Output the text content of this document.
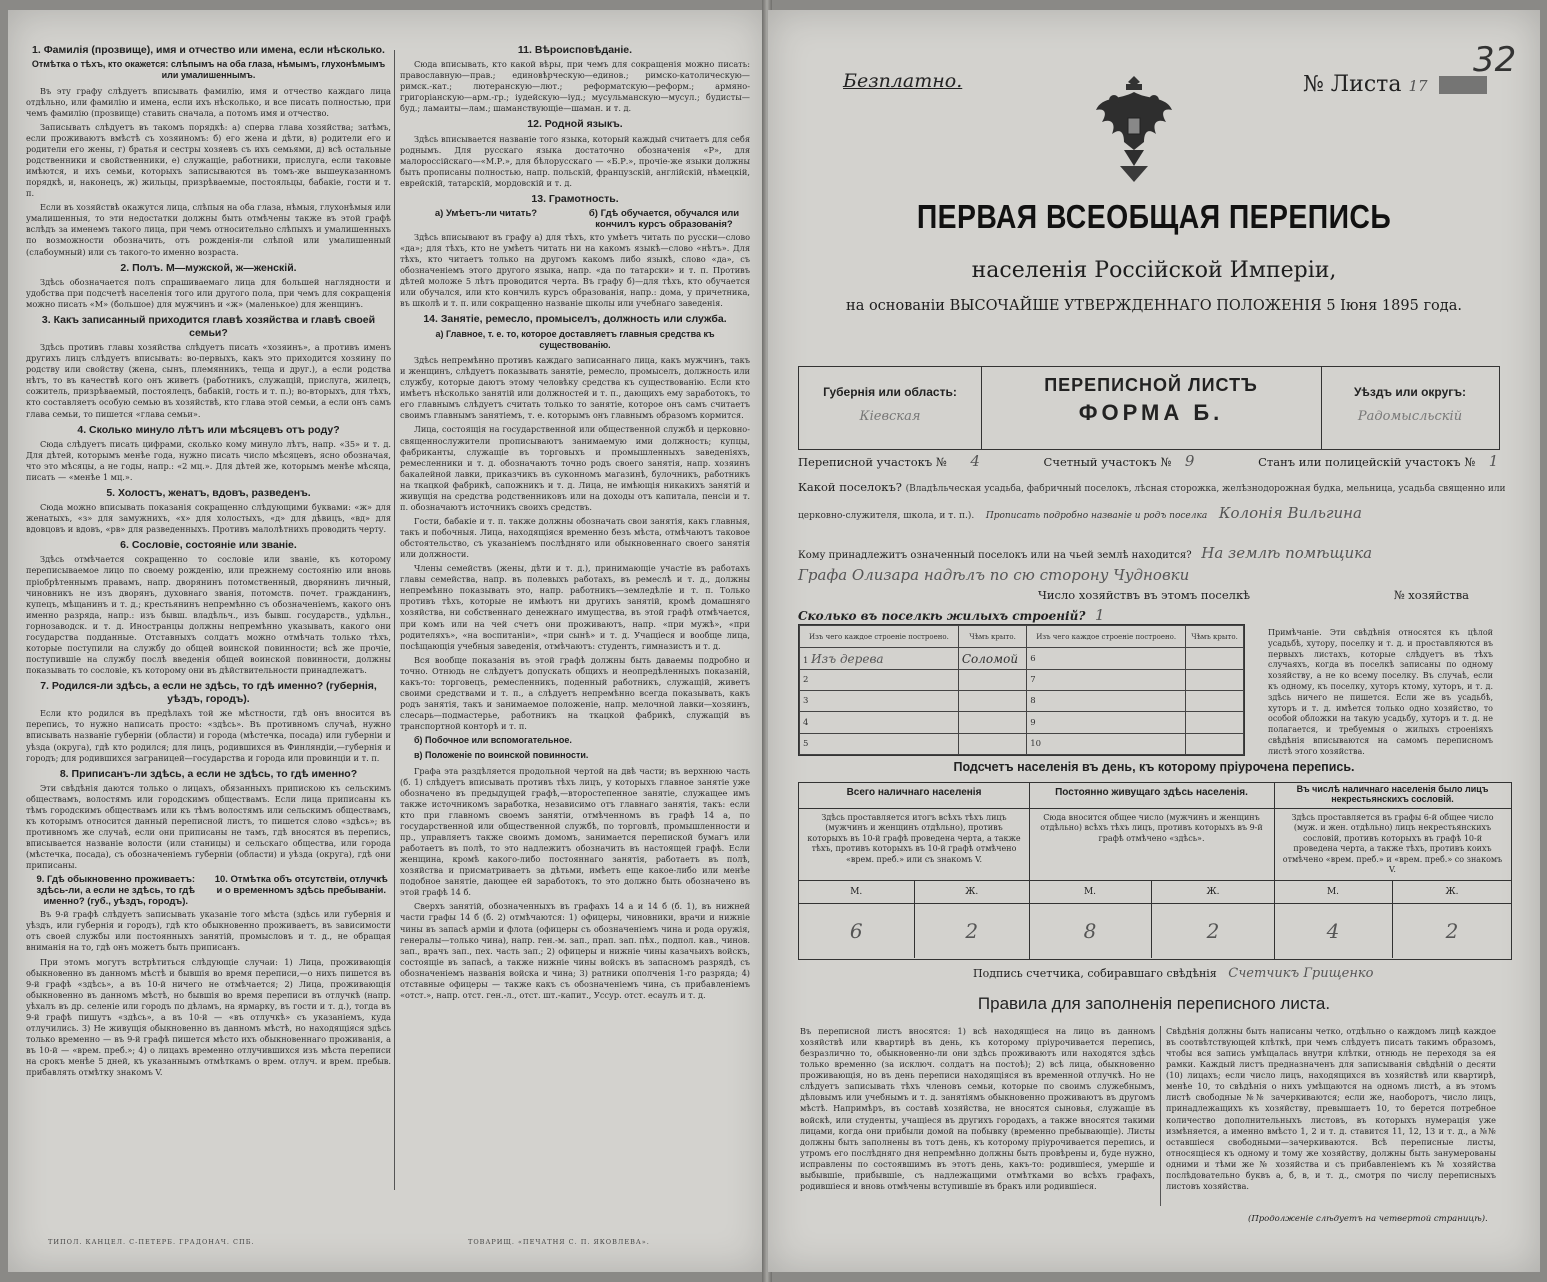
1. Фамилія (прозвище), имя и отчество или имена, если нѣсколько.
Отмѣтка о тѣхъ, кто окажется: слѣпымъ на оба глаза, нѣмымъ, глухонѣмымъ или умалишеннымъ.

Въ эту графу слѣдуетъ вписывать фамилію, имя и отчество каждаго лица отдѣльно, или фамилію и имена, если ихъ нѣсколько, и все писать полностью, при чемъ фамилію (прозвище) ставить сначала, а потомъ имя и отчество.

Записывать слѣдуетъ въ такомъ порядкѣ: а) сперва глава хозяйства; затѣмъ, если проживаютъ вмѣстѣ съ хозяиномъ: б) его жена и дѣти, в) родители его и родители его жены, г) братья и сестры хозяевъ съ ихъ семьями, д) всѣ остальные родственники и свойственники, е) служащіе, работники, прислуга, если таковые имѣются, и ихъ семьи, которыхъ записываются въ томъ-же вышеуказанномъ порядкѣ, и, наконецъ, ж) жильцы, призрѣваемые, постояльцы, бабакіе, гости и т. п.

Если въ хозяйствѣ окажутся лица, слѣпыя на оба глаза, нѣмыя, глухонѣмыя или умалишенныя, то эти недостатки должны быть отмѣчены также въ этой графѣ вслѣдъ за именемъ такого лица, при чемъ относительно слѣпыхъ и умалишенныхъ по возможности обозначить, отъ рожденія-ли слѣпой или умалишенный (слабоумный) или съ такого-то именно возраста.

2. Полъ. М—мужской, ж—женскій.

Здѣсь обозначается полъ спрашиваемаго лица для большей наглядности и удобства при подсчетѣ населенія того или другого пола, при чемъ для сокращенія можно писать «М» (большое) для мужчинъ и «ж» (маленькое) для женщинъ.

3. Какъ записанный приходится главѣ хозяйства и главѣ своей семьи?

Здѣсь противъ главы хозяйства слѣдуетъ писать «хозяинъ», а противъ именъ другихъ лицъ слѣдуетъ вписывать: во-первыхъ, какъ это приходится хозяину по родству или свойству (жена, сынъ, племянникъ, теща и друг.), а если родства нѣтъ, то въ качествѣ кого онъ живетъ (работникъ, служащій, прислуга, жилецъ, сожитель, призрѣваемый, постоялецъ, бабакій, гость и т. п.); во-вторыхъ, для тѣхъ, кто составляетъ особую семью въ хозяйствѣ, кто глава этой семьи, а если онъ самъ глава семьи, то пишется «глава семьи».

4. Сколько минуло лѣтъ или мѣсяцевъ отъ роду?

Сюда слѣдуетъ писать цифрами, сколько кому минуло лѣтъ, напр. «35» и т. д. Для дѣтей, которымъ менѣе года, нужно писать число мѣсяцевъ, ясно обозначая, что это мѣсяцы, а не годы, напр.: «2 мц.». Для дѣтей же, которымъ менѣе мѣсяца, писать — «менѣе 1 мц.».

5. Холостъ, женатъ, вдовъ, разведенъ.

Сюда можно вписывать показанія сокращенно слѣдующими буквами: «ж» для женатыхъ, «з» для замужнихъ, «х» для холостыхъ, «д» для дѣвицъ, «вд» для вдовцовъ и вдовъ, «рв» для разведенныхъ. Противъ малолѣтнихъ проводить черту.

6. Сословіе, состояніе или званіе.

Здѣсь отмѣчается сокращенно то сословіе или званіе, къ которому переписываемое лицо по своему рожденію, или прежнему состоянію или вновь пріобрѣтеннымъ правамъ, напр. дворянинъ потомственный, дворянинъ личный, чиновникъ не изъ дворянъ, духовнаго званія, потомств. почет. гражданинъ, купецъ, мѣщанинъ и т. д.; крестьянинъ непремѣнно съ обозначеніемъ, какого онъ именно разряда, напр.: изъ бывш. владѣльч., изъ бывш. государств., удѣльн., горнозаводск. и т. д. Иностранцы должны непремѣнно указывать, какого они государства подданные. Отставныхъ солдатъ можно отмѣчать только тѣхъ, которые поступили на службу до общей воинской повинности; всѣ же прочіе, поступившіе на службу послѣ введенія общей воинской повинности, должны показывать то сословіе, къ которому они въ дѣйствительности принадлежатъ.

7. Родился-ли здѣсь, а если не здѣсь, то гдѣ именно? (губернія, уѣздъ, городъ).

Если кто родился въ предѣлахъ той же мѣстности, гдѣ онъ вносится въ перепись, то нужно написать просто: «здѣсь». Въ противномъ случаѣ, нужно вписывать названіе губерніи (области) и города (мѣстечка, посада) или губерніи и уѣзда (округа), гдѣ кто родился; для лицъ, родившихся въ Финляндіи,—губернія и городъ; для родившихся заграницей—государства и города или провинціи и т. п.

8. Приписанъ-ли здѣсь, а если не здѣсь, то гдѣ именно?

Эти свѣдѣнія даются только о лицахъ, обязанныхъ припискою къ сельскимъ обществамъ, волостямъ или городскимъ обществамъ. Если лица приписаны къ тѣмъ городскимъ обществамъ или къ тѣмъ волостямъ или сельскимъ обществамъ, къ которымъ относится данный переписной листъ, то пишется слово «здѣсь»; въ противномъ же случаѣ, если они приписаны не тамъ, гдѣ вносятся въ перепись, вписывается названіе волости (или станицы) и сельскаго общества, или города (мѣстечка, посада), съ обозначеніемъ губерніи (области) и уѣзда (округа), гдѣ они приписаны.

9. Гдѣ обыкновенно проживаетъ: здѣсь-ли, а если не здѣсь, то гдѣ именно? (губ., уѣздъ, городъ).
10. Отмѣтка объ отсутствіи, отлучкѣ и о временномъ здѣсь пребываніи.

Въ 9-й графѣ слѣдуетъ записывать указаніе того мѣста (здѣсь или губернія и уѣздъ, или губернія и городъ), гдѣ кто обыкновенно проживаетъ, въ зависимости отъ своей службы или постоянныхъ занятій, промысловъ и т. д., не обращая вниманія на то, гдѣ онъ можетъ быть приписанъ.

При этомъ могутъ встрѣтиться слѣдующіе случаи: 1) Лица, проживающія обыкновенно въ данномъ мѣстѣ и бывшія во время переписи,—о нихъ пишется въ 9-й графѣ «здѣсь», а въ 10-й ничего не отмѣчается; 2) Лица, проживающія обыкновенно въ данномъ мѣстѣ, но бывшія во время переписи въ отлучкѣ (напр. уѣхалъ въ др. селеніе или городъ по дѣламъ, на ярмарку, въ гости и т. д.), тогда въ 9-й графѣ пишутъ «здѣсь», а въ 10-й — «въ отлучкѣ» съ указаніемъ, куда отлучились. 3) Не живущія обыкновенно въ данномъ мѣстѣ, но находящіяся здѣсь только временно — въ 9-й графѣ пишется мѣсто ихъ обыкновеннаго проживанія, а въ 10-й — «врем. преб.»; 4) о лицахъ временно отлучившихся изъ мѣста переписи на срокъ менѣе 5 дней, къ указаннымъ отмѣткамъ о врем. отлуч. и врем. пребыв. прибавлять отмѣтку знакомъ V.

ТИПОЛ. КАНЦЕЛ. С-ПЕТЕРБ. ГРАДОНАЧ. СПБ.
11. Вѣроисповѣданіе.

Сюда вписывать, кто какой вѣры, при чемъ для сокращенія можно писать: православную—прав.; единовѣрческую—единов.; римско-католическую—римск.-кат.; лютеранскую—лют.; реформатскую—реформ.; армяно-григоріанскую—арм.-гр.; іудейскую—іуд.; мусульманскую—мусул.; будисты—буд.; ламаиты—лам.; шаманствующіе—шаман. и т. д.

12. Родной языкъ.

Здѣсь вписывается названіе того языка, который каждый считаетъ для себя роднымъ. Для русскаго языка достаточно обозначенія «Р», для малороссійскаго—«М.Р.», для бѣлорусскаго — «Б.Р.», прочіе-же языки должны быть прописаны полностью, напр. польскій, французскій, англійскій, нѣмецкій, еврейскій, татарскій, мордовскій и т. д.

13. Грамотность.
а) Умѣетъ-ли читать?	б) Гдѣ обучается, обучался или кончилъ курсъ образованія?

Здѣсь вписывают въ графу а) для тѣхъ, кто умѣетъ читать по русски—слово «да»; для тѣхъ, кто не умѣетъ читать ни на какомъ языкѣ—слово «нѣтъ». Для тѣхъ, кто читаетъ только на другомъ какомъ либо языкѣ, слово «да», съ обозначеніемъ этого другого языка, напр. «да по татарски» и т. п. Противъ дѣтей моложе 5 лѣтъ проводится черта. Въ графу б)—для тѣхъ, кто обучается или обучался, или кто кончилъ курсъ образованія, напр.: дома, у причетника, въ школѣ и т. п. или сокращенно названіе школы или учебнаго заведенія.

14. Занятіе, ремесло, промыселъ, должность или служба.
а) Главное, т. е. то, которое доставляетъ главныя средства къ существованію.

Здѣсь непремѣнно противъ каждаго записаннаго лица, какъ мужчинъ, такъ и женщинъ, слѣдуетъ показывать занятіе, ремесло, промыселъ, должность или службу, которые даютъ этому человѣку средства къ существованію. Если кто имѣетъ нѣсколько занятій или должностей и т. п., дающихъ ему заработокъ, то его главнымъ слѣдуетъ считать только то занятіе, которое онъ самъ считаетъ своимъ главнымъ занятіемъ, т. е. которымъ онъ главнымъ образомъ кормится.

Лица, состоящія на государственной или общественной службѣ и церковно-священнослужители прописываютъ занимаемую ими должность; купцы, фабриканты, служащіе въ торговыхъ и промышленныхъ заведеніяхъ, ремесленники и т. д. обозначаютъ точно родъ своего занятія, напр. хозяинъ бакалейной лавки, приказчикъ въ суконномъ магазинѣ, булочникъ, работникъ на ткацкой фабрикѣ, сапожникъ и т. д. Лица, не имѣющія никакихъ занятій и живущія на средства родственниковъ или на доходы отъ капитала, пенсіи и т. п. обозначаютъ источникъ своихъ средствъ.

Гости, бабакіе и т. п. также должны обозначать свои занятія, какъ главныя, такъ и побочныя. Лица, находящіяся временно безъ мѣста, отмѣчаютъ таковое обстоятельство, съ указаніемъ послѣдняго или обыкновеннаго своего занятія или должности.

Члены семействъ (жены, дѣти и т. д.), принимающіе участіе въ работахъ главы семейства, напр. въ полевыхъ работахъ, въ ремеслѣ и т. д., должны непремѣнно показывать это, напр. работникъ—земледѣліе и т. п. Только противъ тѣхъ, которые не имѣютъ ни другихъ занятій, кромѣ домашняго хозяйства, ни собственнаго денежнаго имущества, въ этой графѣ отмѣчается, при комъ или на чей счетъ они проживаютъ, напр. «при мужѣ», «при родителяхъ», «на воспитаніи», «при сынѣ» и т. д. Учащіеся и вообще лица, посѣщающія учебныя заведенія, отмѣчаютъ: студентъ, гимназистъ и т. д.

Вся вообще показанія въ этой графѣ должны быть даваемы подробно и точно. Отнюдь не слѣдуетъ допускать общихъ и неопредѣленныхъ показаній, какъ-то: торговецъ, ремесленникъ, поденный работникъ, служащій, живетъ своими средствами и т. п., а слѣдуетъ непремѣнно всегда показывать, какъ родъ занятія, такъ и занимаемое положеніе, напр. мелочной лавки—хозяинъ, слесарь—подмастерье, работникъ на ткацкой фабрикѣ, служащій въ транспортной конторѣ и т. п.

б) Побочное или вспомогательное.
в) Положеніе по воинской повинности.

Графа эта раздѣляется продольной чертой на двѣ части; въ верхнюю часть (б. 1) слѣдуетъ вписывать противъ тѣхъ лицъ, у которыхъ главное занятіе уже обозначено въ предыдущей графѣ,—второстепенное занятіе, служащее имъ также источникомъ заработка, независимо отъ главнаго занятія, такъ: если кто при главномъ своемъ занятіи, отмѣченномъ въ графѣ 14 а, по государственной или общественной службѣ, по торговлѣ, промышленности и пр., управляетъ также своимъ домомъ, занимается перепиской бумагъ или работаетъ въ полѣ, то это надлежитъ обозначить въ настоящей графѣ. Если женщина, кромѣ какого-либо постояннаго занятія, работаетъ въ полѣ, хозяйства и присматриваетъ за дѣтьми, имѣетъ еще какое-либо или менѣе подобное занятіе, дающее ей заработокъ, то это должно быть обозначено въ этой графѣ 14 б.

Сверхъ занятій, обозначенныхъ въ графахъ 14 а и 14 б (б. 1), въ нижней части графы 14 б (б. 2) отмѣчаются: 1) офицеры, чиновники, врачи и нижніе чины въ запасѣ арміи и флота (офицеры съ обозначеніемъ чина и рода оружія, генералы—только чина), напр. ген.-м. зап., прап. зап. пѣх., подпол. кав., чинов. зап., врачъ зап., пех. часть зап.; 2) офицеры и нижніе чины казачьихъ войскъ, состоящіе въ запасѣ, а также нижніе чины войскъ въ запасномъ разрядѣ, съ обозначеніемъ названія войска и чина; 3) ратники ополченія 1-го разряда; 4) отставные офицеры — также какъ съ обозначеніемъ чина, съ прибавленіемъ «отст.», напр. отст. ген.-л., отст. шт.-капит., Уссур. отст. есаулъ и т. д.

ТОВАРИЩ. «ПЕЧАТНЯ С. П. ЯКОВЛЕВА».
Безплатно.	№ Листа 17
32
ПЕРВАЯ ВСЕОБЩАЯ ПЕРЕПИСЬ
населенія Россійской Имперіи,
на основаніи ВЫСОЧАЙШЕ УТВЕРЖДЕННАГО ПОЛОЖЕНІЯ 5 Іюня 1895 года.
Губернія или область:
Кіевская
ПЕРЕПИСНОЙ ЛИСТЪ
ФОРМА Б.
Уѣздъ или округъ:
Радомысльскій
Переписной участокъ № 4	Счетный участокъ № 9	Станъ или полицейскій участокъ № 1
Какой поселокъ? (Владѣльческая усадьба, фабричный поселокъ, лѣсная сторожка, желѣзнодорожная будка, мельница, усадьба священно или
церковно-служителя, школа, и т. п.). Прописать подробно названіе и родъ поселка Колонія Вильгина
Кому принадлежитъ означенный поселокъ или на чьей землѣ находится? На землѣ помѣщика
Графа Олизара надѣлъ по сю сторону Чудновки
Число хозяйствъ въ этомъ поселкѣ	№ хозяйства
Сколько въ поселкѣ жилыхъ строеній? 1
Изъ чего каждое строеніе построено.	Чѣмъ крыто.	Изъ чего каждое строеніе построено.	Чѣмъ крыто.
1 Изъ дерева	Соломой	6	
2		7	
3		8	
4		9	
5		10	
Примѣчаніе. Эти свѣдѣнія относятся къ цѣлой усадьбѣ, хутору, поселку и т. д. и проставляются въ первыхъ листахъ, которые слѣдуетъ въ тѣхъ случаяхъ, когда въ поселкѣ записаны по одному хозяйству, а не ко всему поселку. Въ случаѣ, если къ одному, къ поселку, хуторъ ктому, хуторъ, и т. д. здѣсь ничего не пишется. Если же въ усадьбѣ, хуторъ и т. д. имѣется только одно хозяйство, то особой обложки на такую усадьбу, хуторъ и т. д. не полагается, и требуемыя о жилыхъ строеніяхъ свѣдѣнія вписываются на самомъ переписномъ листѣ этого хозяйства.
Подсчетъ населенія въ день, къ которому пріурочена перепись.
Всего наличнаго населенія
Здѣсь проставляется итогъ всѣхъ тѣхъ лицъ (мужчинъ и женщинъ отдѣльно), противъ которыхъ въ 10-й графѣ проведена черта, а также тѣхъ, противъ которыхъ въ 10-й графѣ отмѣчено «врем. преб.» или съ знакомъ V.
М.	Ж.
6	2
Постоянно живущаго здѣсь населенія.
Сюда вносится общее число (мужчинъ и женщинъ отдѣльно) всѣхъ тѣхъ лицъ, противъ которыхъ въ 9-й графѣ отмѣчено «здѣсь».
М.	Ж.
8	2
Въ числѣ наличнаго населенія было лицъ некрестьянскихъ сословій.
Здѣсь проставляется въ графы 6-й общее число (муж. и жен. отдѣльно) лицъ некрестьянскихъ сословій, противъ которыхъ въ графѣ 10-й проведена черта, а также тѣхъ, противъ коихъ отмѣчено «врем. преб.» и «врем. преб.» со знакомъ V.
М.	Ж.
4	2
Подпись счетчика, собиравшаго свѣдѣнія Счетчикъ Грищенко
Правила для заполненія переписного листа.
Въ переписной листъ вносятся: 1) всѣ находящіеся на лицо въ данномъ хозяйствѣ или квартирѣ въ день, къ которому пріурочивается перепись, безразлично то, обыкновенно-ли они здѣсь проживаютъ или находятся здѣсь только временно (за исключ. солдатъ на постоѣ); 2) всѣ лица, обыкновенно проживающія, но въ день переписи находящіяся въ временной отлучкѣ. Но не слѣдуетъ записывать тѣхъ членовъ семьи, которые по своимъ служебнымъ, дѣловымъ или учебнымъ и т. д. занятіямъ обыкновенно проживаютъ въ другомъ мѣстѣ. Напримѣръ, въ составѣ хозяйства, не вносятся сыновья, служащіе въ войскѣ, или студенты, учащіеся въ другихъ городахъ, а также вносятся такими лицами, когда они прибыли домой на побывку (временно пребывающіе). Листы должны быть заполнены въ тотъ день, къ которому пріурочивается перепись, и утромъ его послѣдняго дня непремѣнно должны быть провѣрены и, буде нужно, исправлены по состоявшимъ въ этотъ день, какъ-то: родившіеся, умершіе и выбывшіе, прибывшіе, съ надлежащими отмѣтками во всѣхъ графахъ, родившіеся и вновь отмѣчены вступившіе въ бракъ или родившіеся.
Свѣдѣнія должны быть написаны четко, отдѣльно о каждомъ лицѣ каждое въ соотвѣтствующей клѣткѣ, при чемъ слѣдуетъ писать такимъ образомъ, чтобы вся запись умѣщалась внутри клѣтки, отнюдь не переходя за ея рамки. Каждый листъ предназначенъ для записыванія свѣдѣній о десяти (10) лицахъ; если число лицъ, находящихся въ хозяйствѣ или квартирѣ, менѣе 10, то свѣдѣнія о нихъ умѣщаются на одномъ листѣ, а въ этомъ листѣ свободные №№ зачеркиваются; если же, наоборотъ, число лицъ, принадлежащихъ къ хозяйству, превышаетъ 10, то берется потребное количество дополнительныхъ листовъ, въ которыхъ нумерація уже измѣняется, а именно вмѣсто 1, 2 и т. д. ставится 11, 12, 13 и т. д., а №№ оставшіеся свободными—зачеркиваются. Всѣ переписные листы, относящіеся къ одному и тому же хозяйству, должны быть занумерованы одними и тѣми же № хозяйства и съ прибавленіемъ къ № хозяйства послѣдовательно буквъ а, б, в, и т. д., смотря по числу переписныхъ листовъ хозяйства.
(Продолженіе слѣдуетъ на четвертой страницѣ).
